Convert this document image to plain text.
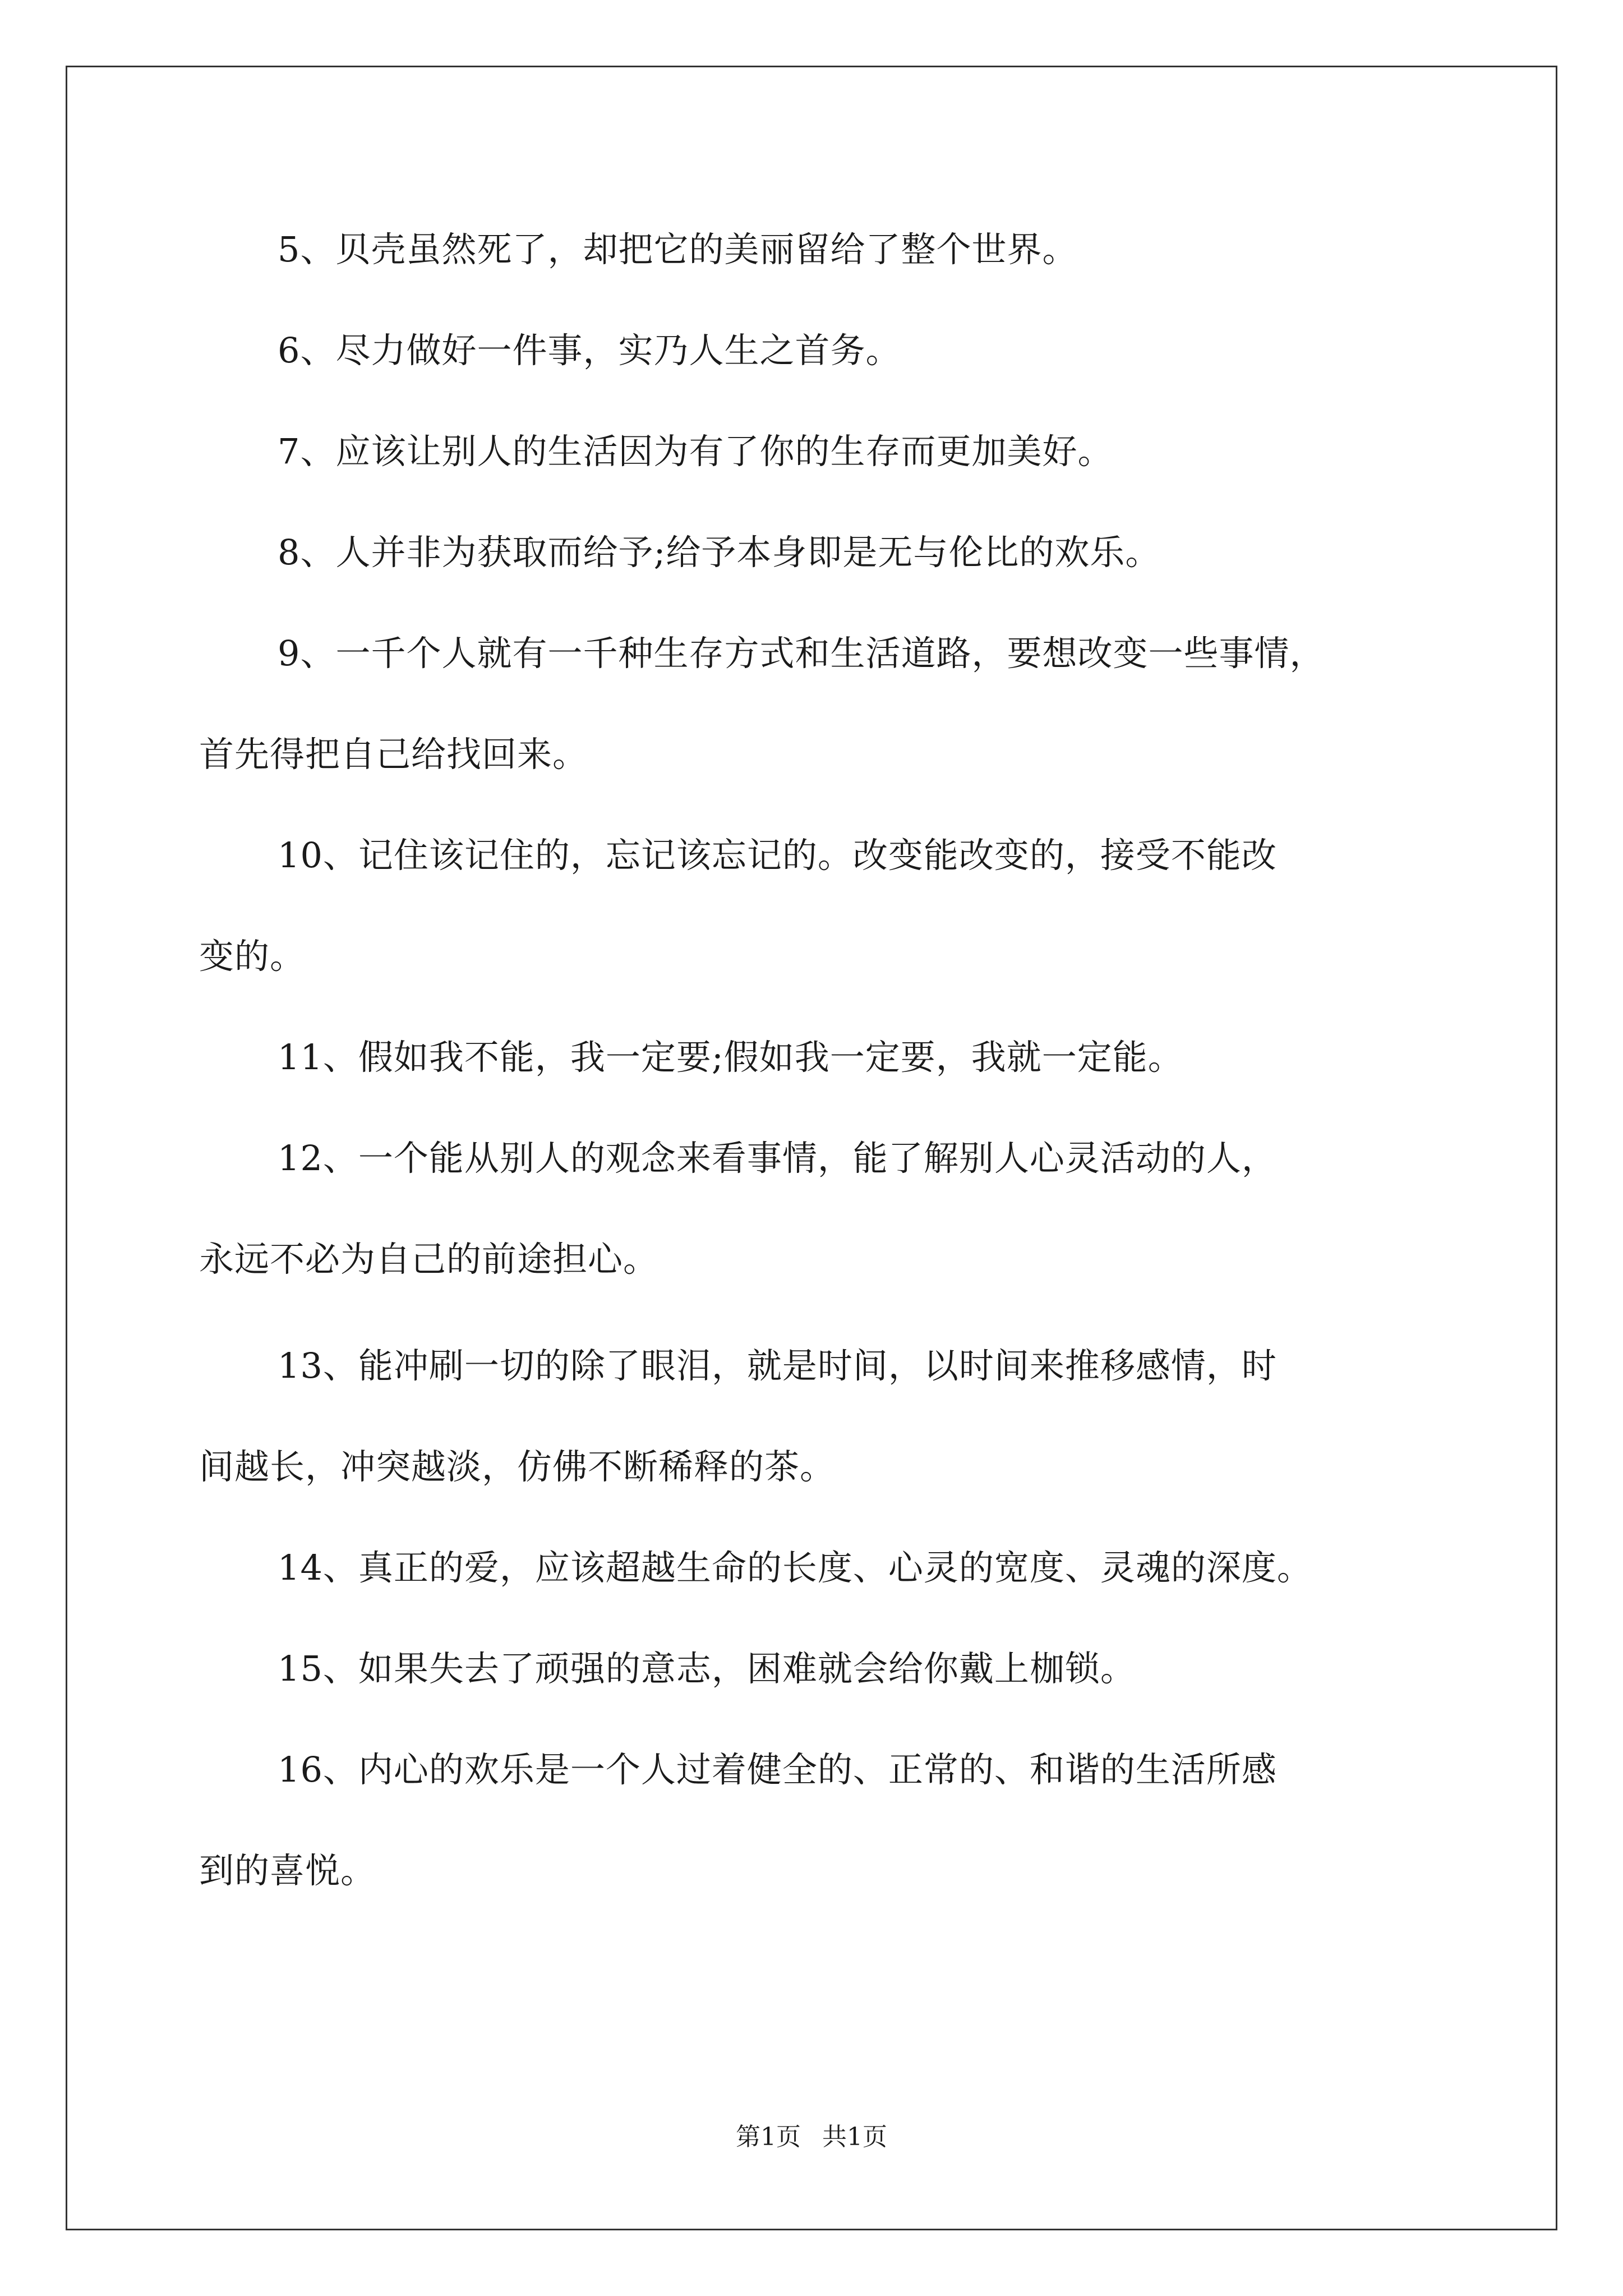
5、贝壳虽然死了，却把它的美丽留给了整个世界。
6、尽力做好一件事，实乃人生之首务。
7、应该让别人的生活因为有了你的生存而更加美好。
8、人并非为获取而给予;给予本身即是无与伦比的欢乐。
9、一千个人就有一千种生存方式和生活道路，要想改变一些事情，
首先得把自己给找回来。
10、记住该记住的，忘记该忘记的。改变能改变的，接受不能改
变的。
11、假如我不能，我一定要;假如我一定要，我就一定能。
12、一个能从别人的观念来看事情，能了解别人心灵活动的人，
永远不必为自己的前途担心。
13、能冲刷一切的除了眼泪，就是时间，以时间来推移感情，时
间越长，冲突越淡，仿佛不断稀释的茶。
14、真正的爱，应该超越生命的长度、心灵的宽度、灵魂的深度。
15、如果失去了顽强的意志，困难就会给你戴上枷锁。
16、内心的欢乐是一个人过着健全的、正常的、和谐的生活所感
到的喜悦。
第1页 共1页
